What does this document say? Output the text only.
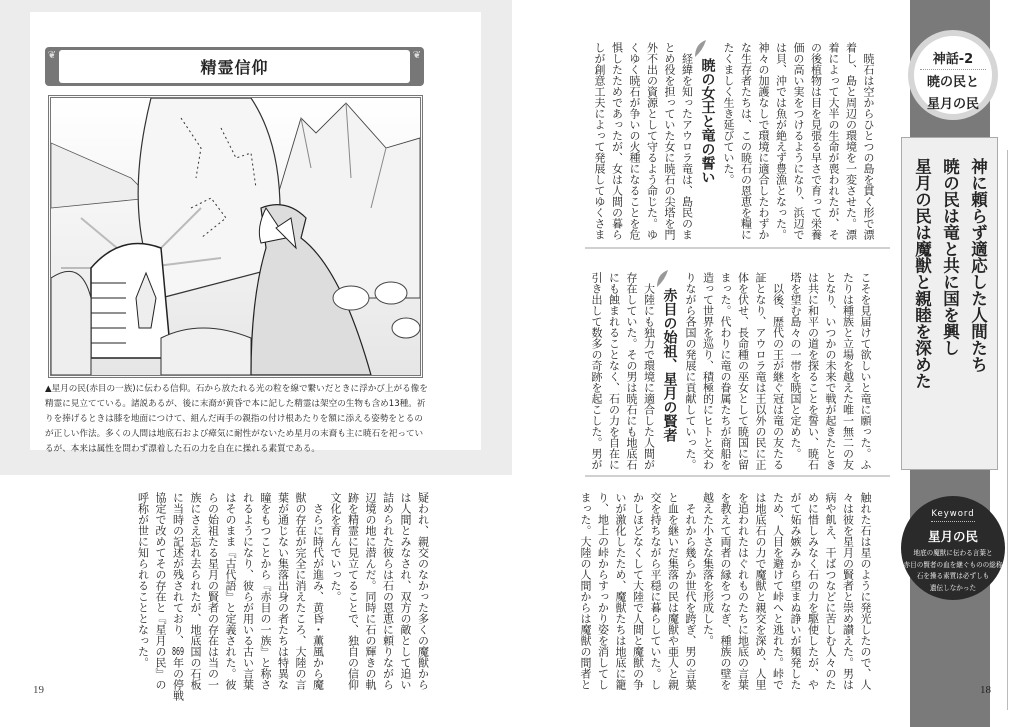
❦
精霊信仰
❦
▲星月の民(赤目の一族)に伝わる信仰。石から放たれる光の粒を線で繋いだときに浮かび上がる像を精霊に見立てている。諸説あるが、後に末裔が黄昏で本に記した精霊は架空の生物も含め13種。祈りを捧げるときは膝を地面につけて、組んだ両手の親指の付け根あたりを額に添える姿勢をとるのが正しい作法。多くの人間は地底石および瘴気に耐性がないため星月の末裔も主に暁石を祀っているが、本来は属性を問わず漂着した石の力を自在に操れる素質である。
疑われ、親交のなかった多くの魔獣から
は人間とみなされ、双方の敵として追い
詰められた彼らは石の恩恵に頼りながら
辺境の地に潜んだ。同時に石の輝きの軌
跡を精霊に見立てることで、独自の信仰
文化を育んでいった。
　さらに時代が進み、黄昏・薫風から魔
獣の存在が完全に消えたころ、大陸の言
葉が通じない集落出身の者たちは特異な
瞳をもつことから『赤目の一族』と称さ
れるようになり、彼らが用いる古い言葉
はそのまま『古代語』と定義された。彼
らの始祖たる星月の賢者の存在は当の一
族にさえ忘れ去られたが、地底国の石板
に当時の記述が残されており、869年の停戦
協定で改めてその存在と『星月の民』の
呼称が世に知られることとなった。
19
　暁石は空からひとつの島を貫く形で漂
着し、島と周辺の環境を一変させた。漂
着によって大半の生命が喪われたが、そ
の後植物は目を見張る早さで育って栄養
価の高い実をつけるようになり、浜辺で
は貝、沖では魚が絶えず豊漁となった。
神々の加護なしで環境に適合したわずか
な生存者たちは、この暁石の恩恵を糧に
たくましく生き延びていた。
暁の女王と竜の誓い
　経緯を知ったアウロラ竜は、島民のま
とめ役を担っていた女に暁石の尖塔を門
外不出の資源として守るよう命じた。ゆ
くゆく暁石が争いの火種になることを危
惧したためであったが、女は人間の暮ら
しが創意工夫によって発展してゆくさま
こそを見届けて欲しいと竜に願った。ふ
たりは種族と立場を越えた唯一無二の友
となり、いつかの未来で戦が起きたとき
は共に和平の道を探ることを誓い、暁石
塔を望む島々の一帯を暁国と定めた。
　以後、歴代の王が継ぐ冠は竜の友たる
証となり、アウロラ竜は王以外の民に正
体を伏せ、長命種の巫女として暁国に留
まった。代わりに竜の眷属たちが商船を
造って世界を巡り、積極的にヒトと交わ
りながら各国の発展に貢献していった。
赤目の始祖、星月の賢者
　大陸にも独力で環境に適合した人間が
存在していた。その男は暁石にも地底石
にも蝕まれることなく、石の力を自在に
引き出して数多の奇跡を起こした。男が
触れた石は星のように発光したので、人
々は彼を星月の賢者と崇め讃えた。男は
病や飢え、干ばつなどに苦しむ人々のた
めに惜しみなく石の力を駆使したが、や
がて妬み嫉みから望まぬ諍いが頻発した
ため、人目を避けて峠へと逃れた。峠で
は地底石の力で魔獣と親交を深め、人里
を追われたはぐれものたちに地底の言葉
を教えて両者の縁をつなぎ、種族の壁を
越えた小さな集落を形成した。
　それから幾らか世代を跨ぎ、男の言葉
と血を継いだ集落の民は魔獣や亜人と親
交を持ちながら平穏に暮らしていた。し
かしほどなくして大陸で人間と魔獣の争
いが激化したため、魔獣たちは地底に籠
り、地上の峠からすっかり姿を消してし
まった。大陸の人間からは魔獣の間者と
神話-2
暁の民と
星月の民
神に頼らず適応した人間たち
暁の民は竜と共に国を興し
星月の民は魔獣と親睦を深めた
Keyword
星月の民
地底の魔獣に伝わる言葉と
赤目の賢者の血を継ぐものの総称
石を操る素質は必ずしも
遺伝しなかった
18
